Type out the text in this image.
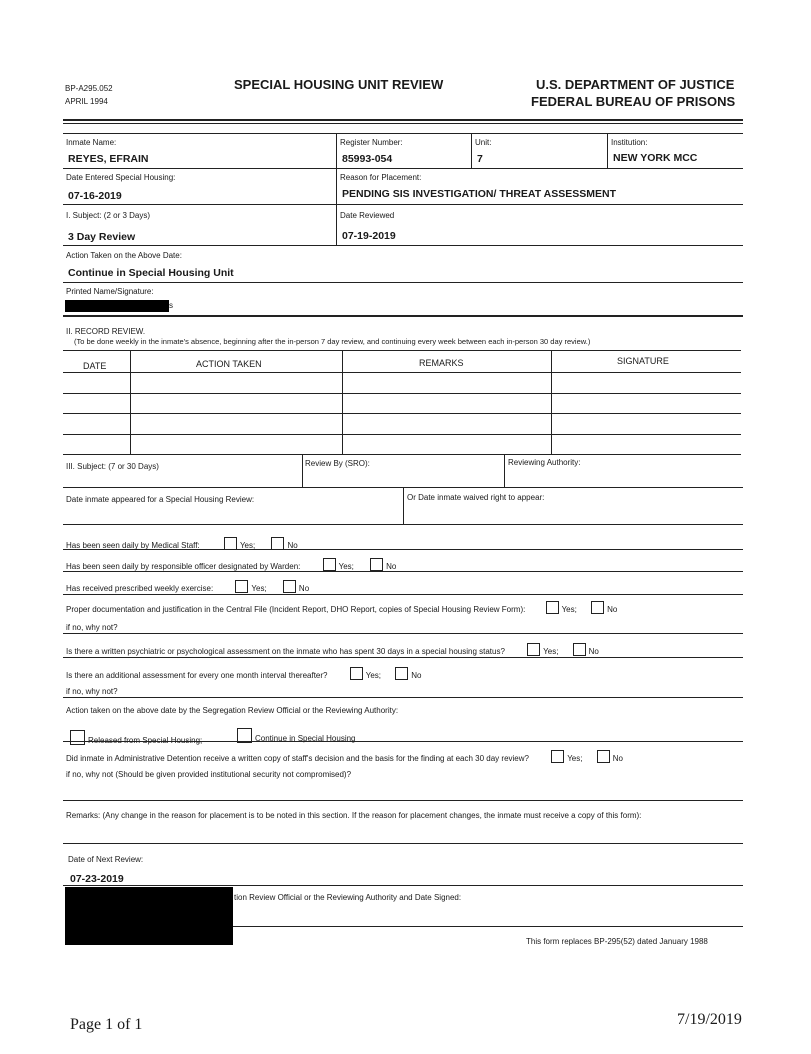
BP-A295.052
APRIL 1994
SPECIAL HOUSING UNIT REVIEW	U.S. DEPARTMENT OF JUSTICE
FEDERAL BUREAU OF PRISONS
Inmate Name:
REYES, EFRAIN
Register Number:
85993-054
Unit:
7
Institution:
NEW YORK MCC
Date Entered Special Housing:
07-16-2019
Reason for Placement:
PENDING SIS INVESTIGATION/ THREAT ASSESSMENT
I. Subject: (2 or 3 Days)
3 Day Review
Date Reviewed
07-19-2019
Action Taken on the Above Date:
Continue in Special Housing Unit
Printed Name/Signature:
s
II. RECORD REVIEW.
(To be done weekly in the inmate's absence, beginning after the in-person 7 day review, and continuing every week between each in-person 30 day review.)
DATE	ACTION TAKEN	REMARKS	SIGNATURE
III. Subject: (7 or 30 Days)	Review By (SRO):	Reviewing Authority:
Date inmate appeared for a Special Housing Review:	Or Date inmate waived right to appear:
Has been seen daily by Medical Staff:	Yes;	No
Has been seen daily by responsible officer designated by Warden:	Yes;	No
Has received prescribed weekly exercise:	Yes;	No
Proper documentation and justification in the Central File (Incident Report, DHO Report, copies of Special Housing Review Form):	Yes;	No
if no, why not?
Is there a written psychiatric or psychological assessment on the inmate who has spent 30 days in a special housing status?	Yes;	No
Is there an additional assessment for every one month interval thereafter?	Yes;	No
if no, why not?
Action taken on the above date by the Segregation Review Official or the Reviewing Authority:
Released from Special Housing;	Continue in Special Housing
Did inmate in Administrative Detention receive a written copy of staff's decision and the basis for the finding at each 30 day review?	Yes;	No
if no, why not (Should be given provided institutional security not compromised)?
Remarks: (Any change in the reason for placement is to be noted in this section. If the reason for placement changes, the inmate must receive a copy of this form):
Date of Next Review:
07-23-2019
tion Review Official or the Reviewing Authority and Date Signed:
This form replaces BP-295(52) dated January 1988
Page 1 of 1	7/19/2019
